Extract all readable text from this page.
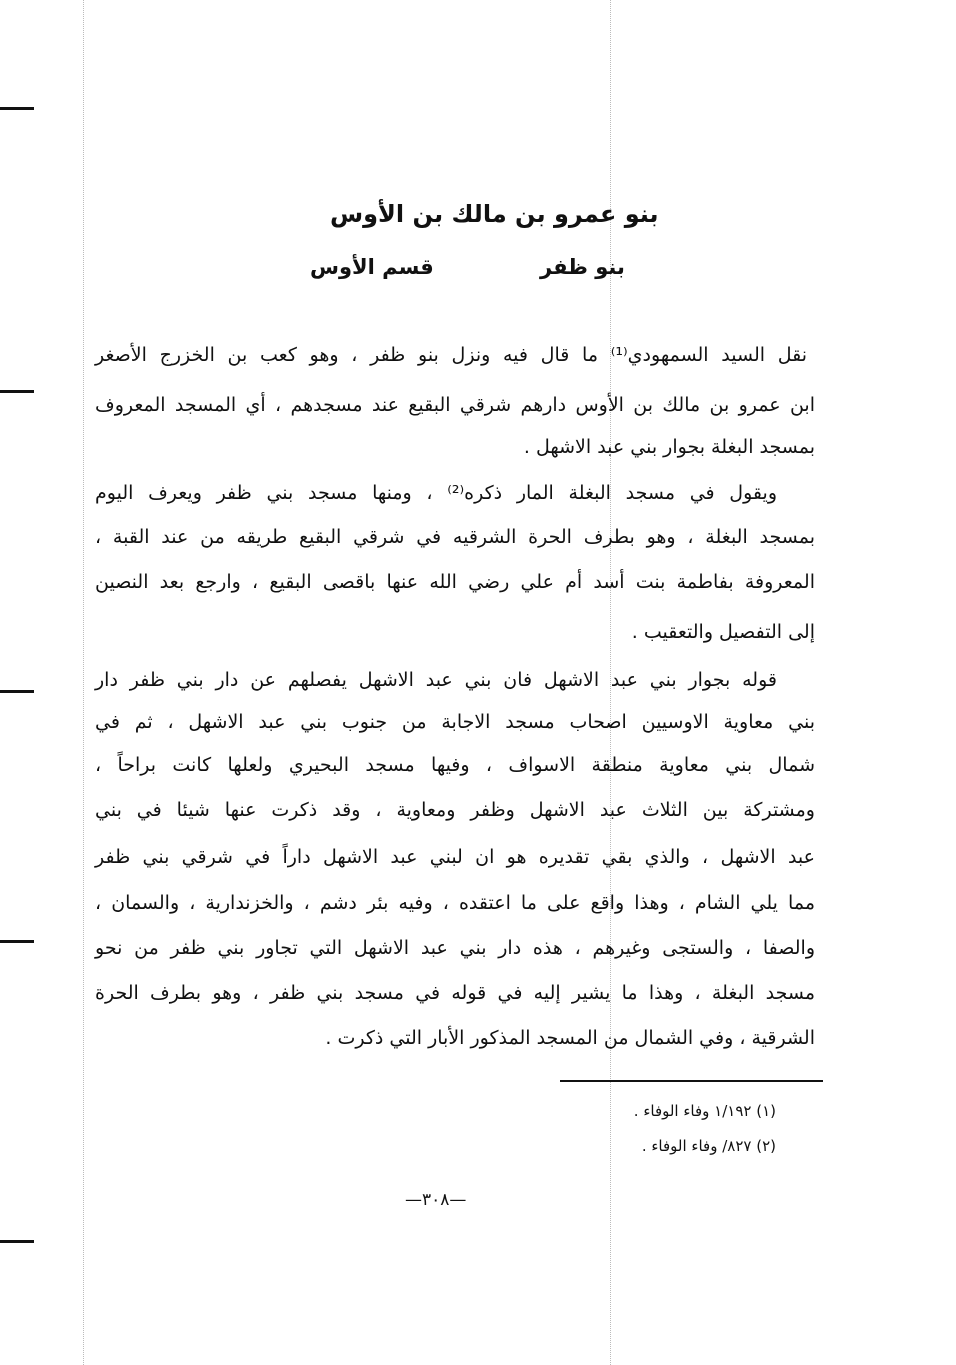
بنو عمرو بن مالك بن الأوس
بنو ظفر
قسم الأوس
نقل السيد السمهودي⁽¹⁾ ما قال فيه ونزل بنو ظفر ، وهو كعب بن الخزرج الأصغر
ابن عمرو بن مالك بن الأوس دارهم شرقي البقيع عند مسجدهم ، أي المسجد المعروف
بمسجد البغلة بجوار بني عبد الاشهل .
ويقول في مسجد البغلة المار ذكره⁽²⁾ ، ومنها مسجد بني ظفر ويعرف اليوم
بمسجد البغلة ، وهو بطرف الحرة الشرقيه في شرقي البقيع طريقه من عند القبة ،
المعروفة بفاطمة بنت أسد أم علي رضي الله عنها باقصى البقيع ، وارجع بعد النصين
إلى التفصيل والتعقيب .
قوله بجوار بني عبد الاشهل فان بني عبد الاشهل يفصلهم عن دار بني ظفر دار
بني معاوية الاوسيين اصحاب مسجد الاجابة من جنوب بني عبد الاشهل ، ثم في
شمال بني معاوية منطقة الاسواف ، وفيها مسجد البحيري ولعلها كانت براحاً ،
ومشتركة بين الثلاث عبد الاشهل وظفر ومعاوية ، وقد ذكرت عنها شيئا في بني
عبد الاشهل ، والذي بقي تقديره هو ان لبني عبد الاشهل داراً في شرقي بني ظفر
مما يلي الشام ، وهذا واقع على ما اعتقده ، وفيه بئر دشم ، والخزندارية ، والسمان ،
والصفا ، والستجى وغيرهم ، هذه دار بني عبد الاشهل التي تجاور بني ظفر من نحو
مسجد البغلة ، وهذا ما يشير إليه في قوله في مسجد بني ظفر ، وهو بطرف الحرة
الشرقية ، وفي الشمال من المسجد المذكور الأبار التي ذكرت .
(١) ١/١٩٢ وفاء الوفاء .
(٢) ٨٢٧/ وفاء الوفاء .
—٣٠٨—
